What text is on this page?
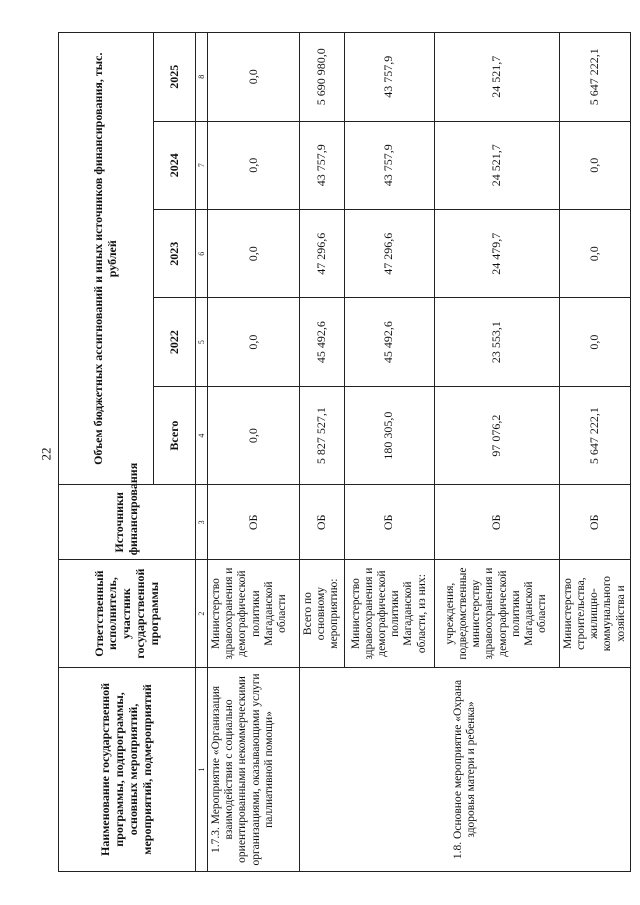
22
Наименование государственной программы, подпрограммы, основных мероприятий, мероприятий, подмероприятий	Ответственный исполнитель, участник государственной программы	Источники финансирования	Объем бюджетных ассигнований и иных источников финансирования, тыс. рублей				
			Всего	2022	2023	2024	2025
1	2	3	4	5	6	7	8
1.7.3. Мероприятие «Организация взаимодействия с социально ориентированными некоммерческими организациями, оказывающими услуги паллиативной помощи»	Министерство здравоохранения и демографической политики Магаданской области	ОБ	0,0	0,0	0,0	0,0	0,0
1.8. Основное мероприятие «Охрана здоровья матери и ребенка»	Всего по основному мероприятию:	ОБ	5 827 527,1	45 492,6	47 296,6	43 757,9	5 690 980,0
	Министерство здравоохранения и демографической политики Магаданской области, из них:	ОБ	180 305,0	45 492,6	47 296,6	43 757,9	43 757,9
	учреждения, подведомственные министерству здравоохранения и демографической политики Магаданской области	ОБ	97 076,2	23 553,1	24 479,7	24 521,7	24 521,7
	Министерство строительства, жилищно-коммунального хозяйства и	ОБ	5 647 222,1	0,0	0,0	0,0	5 647 222,1
